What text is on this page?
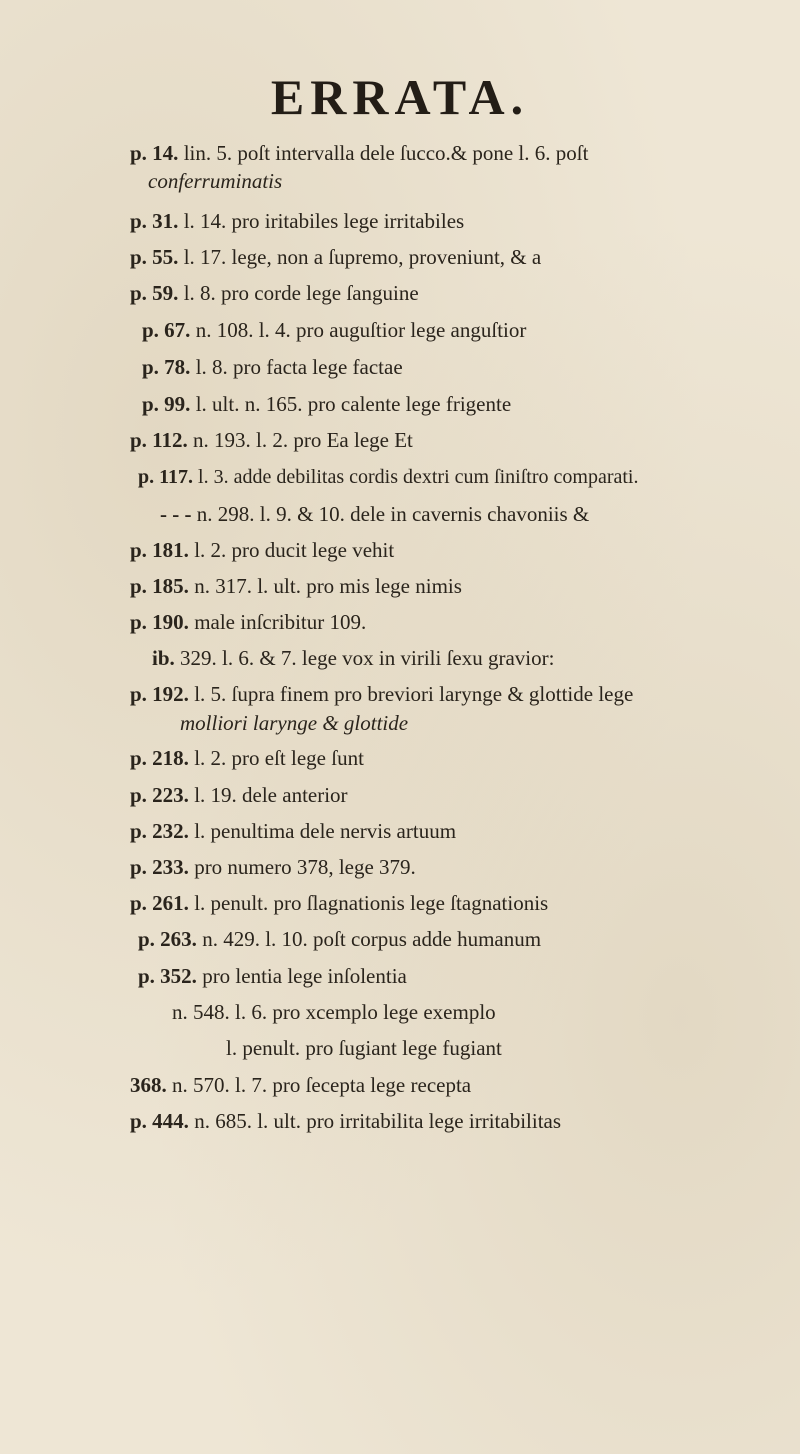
ERRATA.
p. 14. lin. 5. poſt intervalla dele ſucco.& pone l. 6. poſt
conferruminatis
p. 31. l. 14. pro iritabiles lege irritabiles
p. 55. l. 17. lege, non a ſupremo, proveniunt, & a
p. 59. l. 8. pro corde lege ſanguine
p. 67. n. 108. l. 4. pro auguſtior lege anguſtior
p. 78. l. 8. pro facta lege factae
p. 99. l. ult. n. 165. pro calente lege frigente
p. 112. n. 193. l. 2. pro Ea lege Et
p. 117. l. 3. adde debilitas cordis dextri cum ſiniſtro comparati.
- - - n. 298. l. 9. & 10. dele in cavernis chavoniis &
p. 181. l. 2. pro ducit lege vehit
p. 185. n. 317. l. ult. pro mis lege nimis
p. 190. male inſcribitur 109.
ib. 329. l. 6. & 7. lege vox in virili ſexu gravior:
p. 192. l. 5. ſupra finem pro breviori larynge & glottide lege
molliori larynge & glottide
p. 218. l. 2. pro eſt lege ſunt
p. 223. l. 19. dele anterior
p. 232. l. penultima dele nervis artuum
p. 233. pro numero 378, lege 379.
p. 261. l. penult. pro ſlagnationis lege ſtagnationis
p. 263. n. 429. l. 10. poſt corpus adde humanum
p. 352. pro lentia lege inſolentia
n. 548. l. 6. pro xcemplo lege exemplo
l. penult. pro ſugiant lege fugiant
368. n. 570. l. 7. pro ſecepta lege recepta
p. 444. n. 685. l. ult. pro irritabilita lege irritabilitas
